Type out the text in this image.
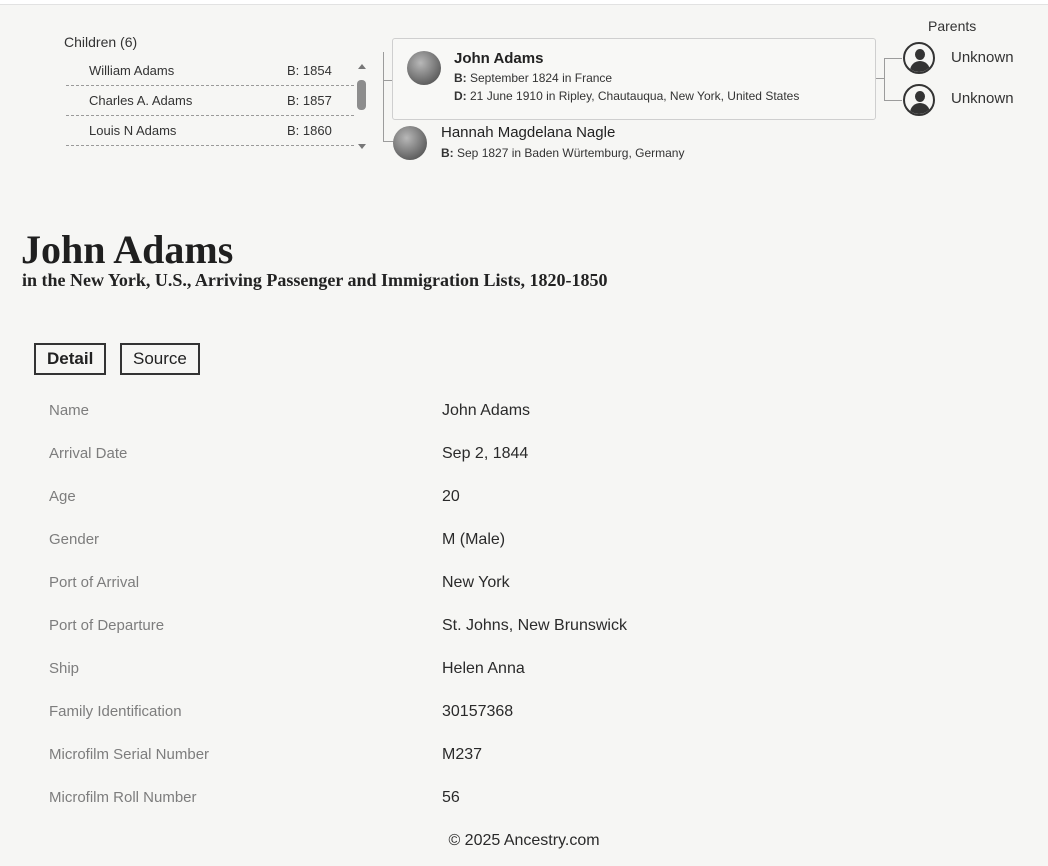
Children (6)
William Adams	B: 1854
Charles A. Adams	B: 1857
Louis N Adams	B: 1860
John Adams
B: September 1824 in France
D: 21 June 1910 in Ripley, Chautauqua, New York, United States
Hannah Magdelana Nagle
B: Sep 1827 in Baden Würtemburg, Germany
Parents
Unknown
Unknown
John Adams
in the New York, U.S., Arriving Passenger and Immigration Lists, 1820-1850
Detail	Source
Name	John Adams
Arrival Date	Sep 2, 1844
Age	20
Gender	M (Male)
Port of Arrival	New York
Port of Departure	St. Johns, New Brunswick
Ship	Helen Anna
Family Identification	30157368
Microfilm Serial Number	M237
Microfilm Roll Number	56
© 2025 Ancestry.com
